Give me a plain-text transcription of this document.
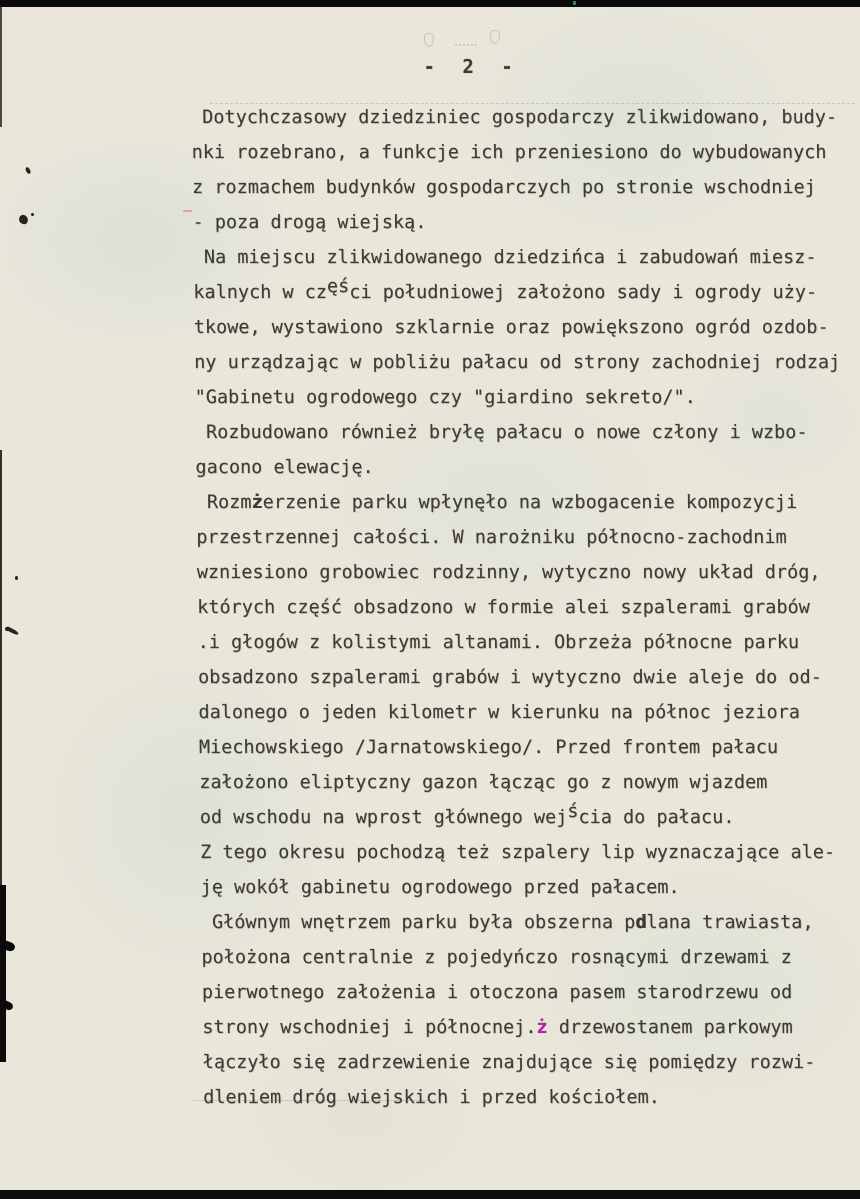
- 2 -
Dotychczasowy dziedziniec gospodarczy zlikwidowano, budy-
nki rozebrano, a funkcje ich przeniesiono do wybudowanych
z rozmachem budynków gospodarczych po stronie wschodniej
- poza drogą wiejską.
Na miejscu zlikwidowanego dziedzińca i zabudowań miesz-
kalnych w części południowej założono sady i ogrody uży-
tkowe, wystawiono szklarnie oraz powiększono ogród ozdob-
ny urządzając w pobliżu pałacu od strony zachodniej rodzaj
"Gabinetu ogrodowego czy "giardino sekreto/".
Rozbudowano również bryłę pałacu o nowe człony i wzbo-
gacono elewację.
Rozmżerzenie parku wpłynęło na wzbogacenie kompozycji
przestrzennej całości. W narożniku północno-zachodnim
wzniesiono grobowiec rodzinny, wytyczno nowy układ dróg,
których część obsadzono w formie alei szpalerami grabów
.i głogów z kolistymi altanami. Obrzeża północne parku
obsadzono szpalerami grabów i wytyczno dwie aleje do od-
dalonego o jeden kilometr w kierunku na północ jeziora
Miechowskiego /Jarnatowskiego/. Przed frontem pałacu
założono eliptyczny gazon łącząc go z nowym wjazdem
od wschodu na wprost głównego wejścia do pałacu.
Z tego okresu pochodzą też szpalery lip wyznaczające ale-
ję wokół gabinetu ogrodowego przed pałacem.
Głównym wnętrzem parku była obszerna pdlana trawiasta,
położona centralnie z pojedyńczo rosnącymi drzewami z
pierwotnego założenia i otoczona pasem starodrzewu od
strony wschodniej i północnej.ż drzewostanem parkowym
łączyło się zadrzewienie znajdujące się pomiędzy rozwi-
dleniem dróg wiejskich i przed kościołem.
